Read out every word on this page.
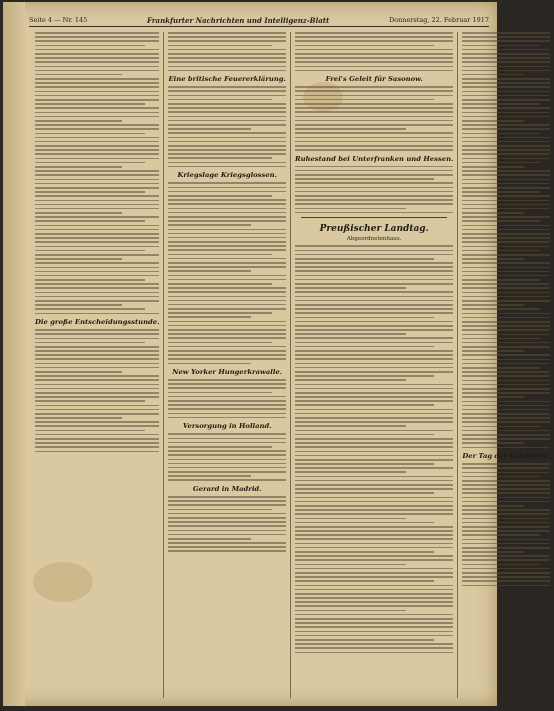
Seite 4 — Nr. 145	Frankfurter Nachrichten und Intelligenz-Blatt	Donnerstag, 22. Februar 1917
Die große Entscheidungsstunde.
Eine britische Feuererklärung.
Kriegslage Kriegsglossen.
New Yorker Hungerkrawalle.
Versorgung in Holland.
Gerard in Madrid.
Frei's Geleit für Sasonow.
Ruhestand bei Unterfranken und Hessen.
Preußischer Landtag.
Abgeordnetenhaus.
Der Tag der Landwirte.
